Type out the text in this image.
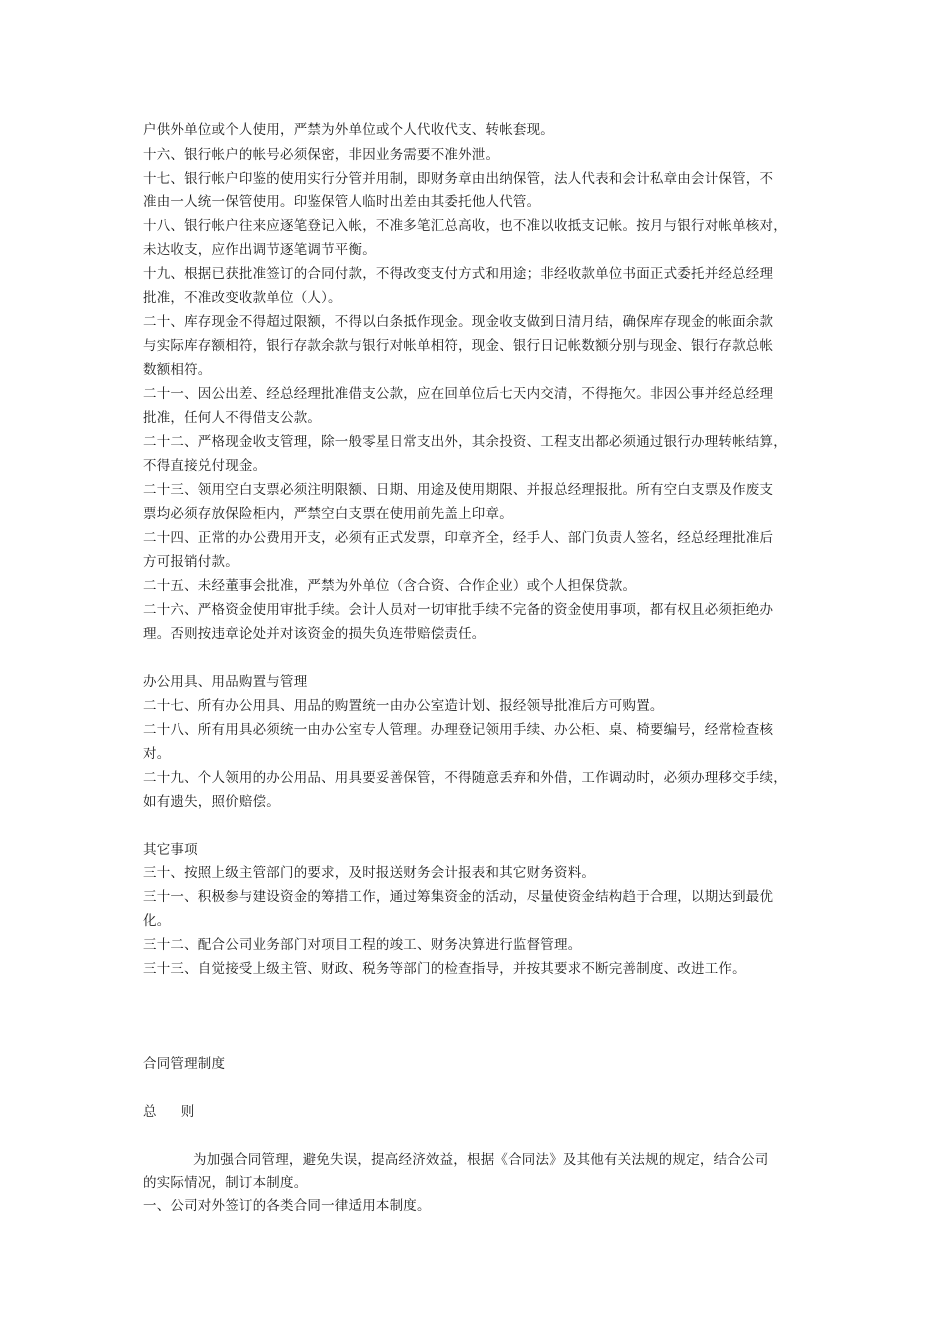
户供外单位或个人使用，严禁为外单位或个人代收代支、转帐套现。
十六、银行帐户的帐号必须保密，非因业务需要不准外泄。
十七、银行帐户印鉴的使用实行分管并用制，即财务章由出纳保管，法人代表和会计私章由会计保管，不
准由一人统一保管使用。印鉴保管人临时出差由其委托他人代管。
十八、银行帐户往来应逐笔登记入帐，不准多笔汇总高收，也不准以收抵支记帐。按月与银行对帐单核对，
未达收支，应作出调节逐笔调节平衡。
十九、根据已获批准签订的合同付款，不得改变支付方式和用途；非经收款单位书面正式委托并经总经理
批准，不准改变收款单位（人）。
二十、库存现金不得超过限额，不得以白条抵作现金。现金收支做到日清月结，确保库存现金的帐面余款
与实际库存额相符，银行存款余款与银行对帐单相符，现金、银行日记帐数额分别与现金、银行存款总帐
数额相符。
二十一、因公出差、经总经理批准借支公款，应在回单位后七天内交清，不得拖欠。非因公事并经总经理
批准，任何人不得借支公款。
二十二、严格现金收支管理，除一般零星日常支出外，其余投资、工程支出都必须通过银行办理转帐结算，
不得直接兑付现金。
二十三、领用空白支票必须注明限额、日期、用途及使用期限、并报总经理报批。所有空白支票及作废支
票均必须存放保险柜内，严禁空白支票在使用前先盖上印章。
二十四、正常的办公费用开支，必须有正式发票，印章齐全，经手人、部门负责人签名，经总经理批准后
方可报销付款。
二十五、未经董事会批准，严禁为外单位（含合资、合作企业）或个人担保贷款。
二十六、严格资金使用审批手续。会计人员对一切审批手续不完备的资金使用事项，都有权且必须拒绝办
理。否则按违章论处并对该资金的损失负连带赔偿责任。
办公用具、用品购置与管理
二十七、所有办公用具、用品的购置统一由办公室造计划、报经领导批准后方可购置。
二十八、所有用具必须统一由办公室专人管理。办理登记领用手续、办公柜、桌、椅要编号，经常检查核
对。
二十九、个人领用的办公用品、用具要妥善保管，不得随意丢弃和外借，工作调动时，必须办理移交手续，
如有遗失，照价赔偿。
其它事项
三十、按照上级主管部门的要求，及时报送财务会计报表和其它财务资料。
三十一、积极参与建设资金的筹措工作，通过筹集资金的活动，尽量使资金结构趋于合理，以期达到最优
化。
三十二、配合公司业务部门对项目工程的竣工、财务决算进行监督管理。
三十三、自觉接受上级主管、财政、税务等部门的检查指导，并按其要求不断完善制度、改进工作。
合同管理制度
总 则
为加强合同管理，避免失误，提高经济效益，根据《合同法》及其他有关法规的规定，结合公司
的实际情况，制订本制度。
一、公司对外签订的各类合同一律适用本制度。
